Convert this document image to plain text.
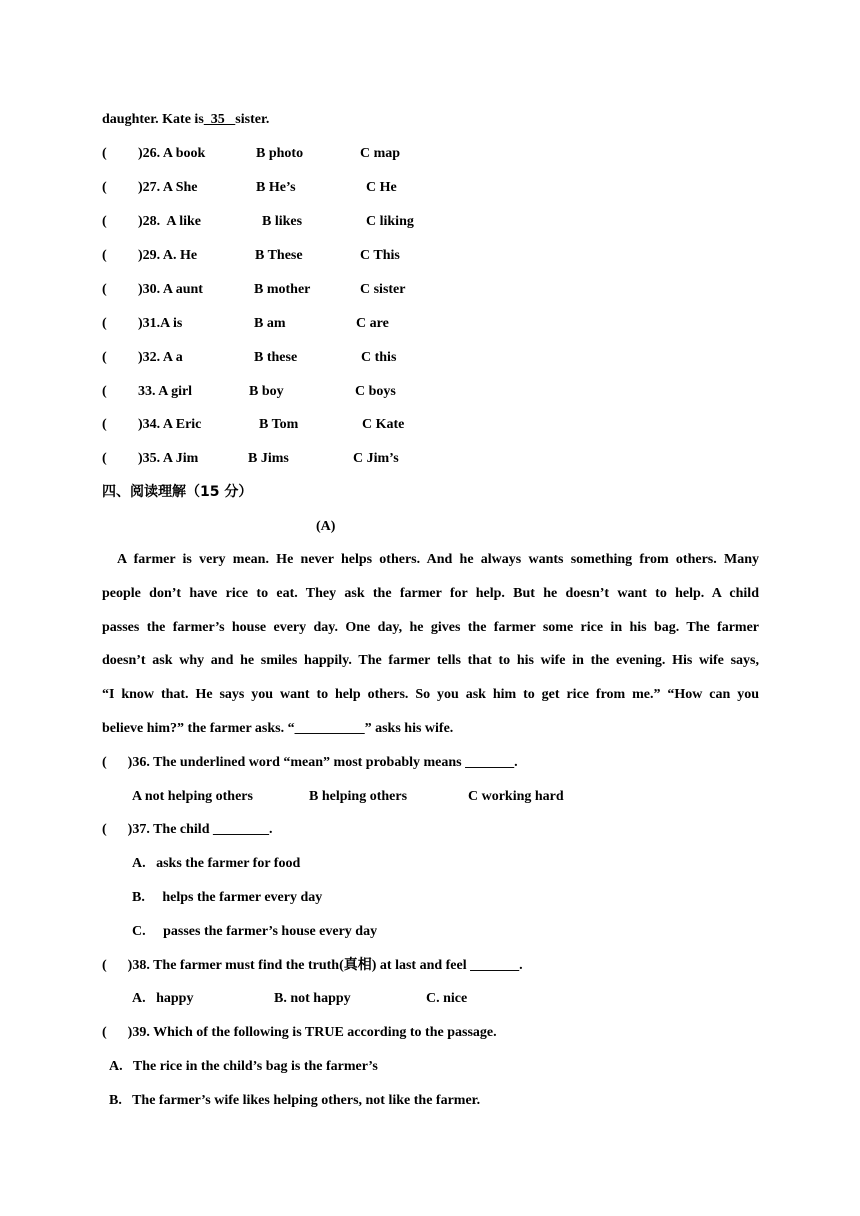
daughter. Kate is  35   sister.
( )26. A book	B photo	C map
( )27. A She	B He’s	C He
( )28.  A like	B likes	C liking
( )29. A. He	B These	C This
( )30. A aunt	B mother	C sister
( )31.A is	B am	C are
( )32. A a	B these	C this
( 33. A girl	B boy	C boys
( )34. A Eric	B Tom	C Kate
( )35. A Jim	B Jims	C Jim’s
四、阅读理解（15 分）
(A)
A farmer is very mean. He never helps others. And he always wants something from others. Many
people don’t have rice to eat. They ask the farmer for help. But he doesn’t want to help. A child
passes the farmer’s house every day. One day, he gives the farmer some rice in his bag. The farmer
doesn’t ask why and he smiles happily. The farmer tells that to his wife in the evening. His wife says,
“I know that. He says you want to help others. So you ask him to get rice from me.” “How can you
believe him?” the farmer asks. “__________” asks his wife.
(      )36. The underlined word “mean” most probably means _______.
A not helping others	B helping others	C working hard
(      )37. The child ________.
A.   asks the farmer for food
B.     helps the farmer every day
C.     passes the farmer’s house every day
(      )38. The farmer must find the truth(真相) at last and feel _______.
A.   happy	B. not happy	C. nice
(      )39. Which of the following is TRUE according to the passage.
A.   The rice in the child’s bag is the farmer’s
B.   The farmer’s wife likes helping others, not like the farmer.
